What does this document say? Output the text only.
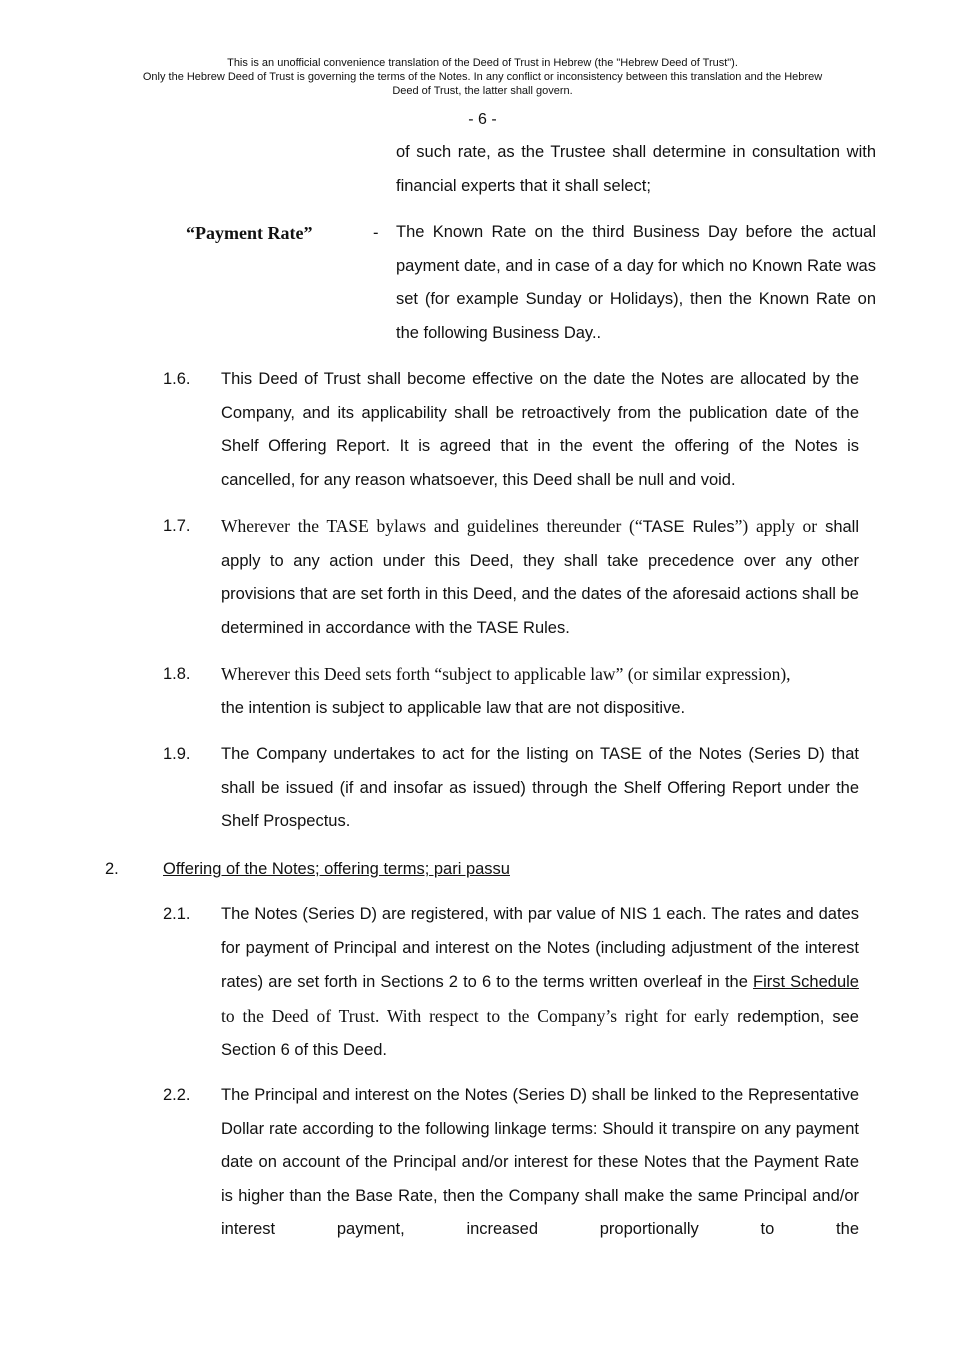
This is an unofficial convenience translation of the Deed of Trust in Hebrew (the "Hebrew Deed of Trust").
Only the Hebrew Deed of Trust is governing the terms of the Notes. In any conflict or inconsistency between this translation and the Hebrew
Deed of Trust, the latter shall govern.
- 6 -
of such rate, as the Trustee shall determine in consultation with financial experts that it shall select;
“Payment Rate”	- The Known Rate on the third Business Day before the actual payment date, and in case of a day for which no Known Rate was set (for example Sunday or Holidays), then the Known Rate on the following Business Day..
1.6. This Deed of Trust shall become effective on the date the Notes are allocated by the Company, and its applicability shall be retroactively from the publication date of the Shelf Offering Report. It is agreed that in the event the offering of the Notes is cancelled, for any reason whatsoever, this Deed shall be null and void.
1.7. Wherever the TASE bylaws and guidelines thereunder (“TASE Rules”) apply or shall apply to any action under this Deed, they shall take precedence over any other provisions that are set forth in this Deed, and the dates of the aforesaid actions shall be determined in accordance with the TASE Rules.
1.8. Wherever this Deed sets forth “subject to applicable law” (or similar expression),
the intention is subject to applicable law that are not dispositive.
1.9. The Company undertakes to act for the listing on TASE of the Notes (Series D) that shall be issued (if and insofar as issued) through the Shelf Offering Report under the Shelf Prospectus.
2.	Offering of the Notes; offering terms; pari passu
2.1. The Notes (Series D) are registered, with par value of NIS 1 each. The rates and dates for payment of Principal and interest on the Notes (including adjustment of the interest rates) are set forth in Sections 2 to 6 to the terms written overleaf in the First Schedule to the Deed of Trust. With respect to the Company’s right for early redemption, see Section 6 of this Deed.
2.2. The Principal and interest on the Notes (Series D) shall be linked to the Representative Dollar rate according to the following linkage terms: Should it transpire on any payment date on account of the Principal and/or interest for these Notes that the Payment Rate is higher than the Base Rate, then the Company shall make the same Principal and/or interest payment, increased proportionally to the
